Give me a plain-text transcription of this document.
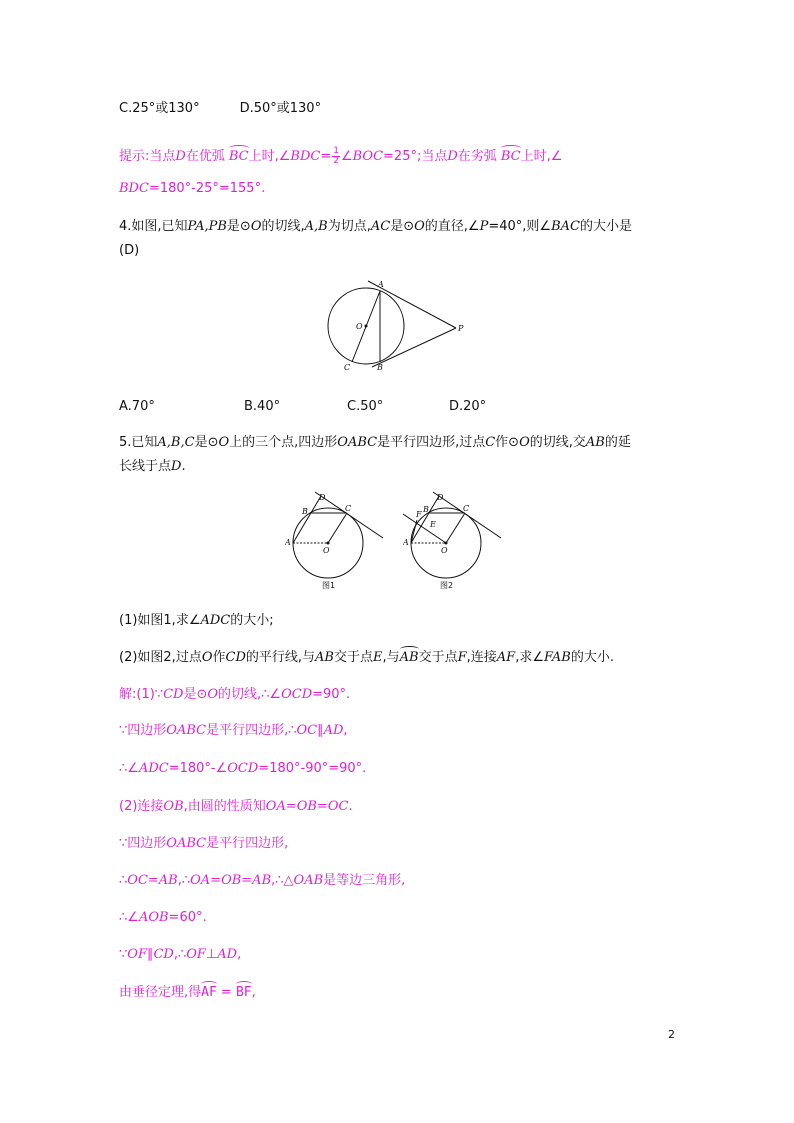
C.25°或130°	D.50°或130°
提示:当点D在优弧 BC上时,∠BDC= $\frac{1}{2}$ ∠BOC=25°;当点D在劣弧 BC上时,∠
BDC=180°-25°=155°.
4.如图,已知PA,PB是⊙O的切线,A,B为切点,AC是⊙O的直径,∠P=40°,则∠BAC的大小是
(D)
A
O	P
C	B
A.70°	B.40°	C.50°	D.20°
5.已知A,B,C是⊙O上的三个点,四边形OABC是平行四边形,过点C作⊙O的切线,交AB的延
长线于点D.
D
B	C
A
O
图1
D
F
B	C
E
A
O
图2
(1)如图1,求∠ADC的大小;
(2)如图2,过点O作CD的平行线,与AB交于点E,与AB交于点F,连接AF,求∠FAB的大小.
解:(1)∵CD是⊙O的切线,∴∠OCD=90°.
∵四边形OABC是平行四边形,∴OC∥AD,
∴∠ADC=180°-∠OCD=180°-90°=90°.
(2)连接OB,由圆的性质知OA=OB=OC.
∵四边形OABC是平行四边形,
∴OC=AB,∴OA=OB=AB,∴△OAB是等边三角形,
∴∠AOB=60°.
∵OF∥CD,∴OF⊥AD,
由垂径定理,得AF = BF,
2
